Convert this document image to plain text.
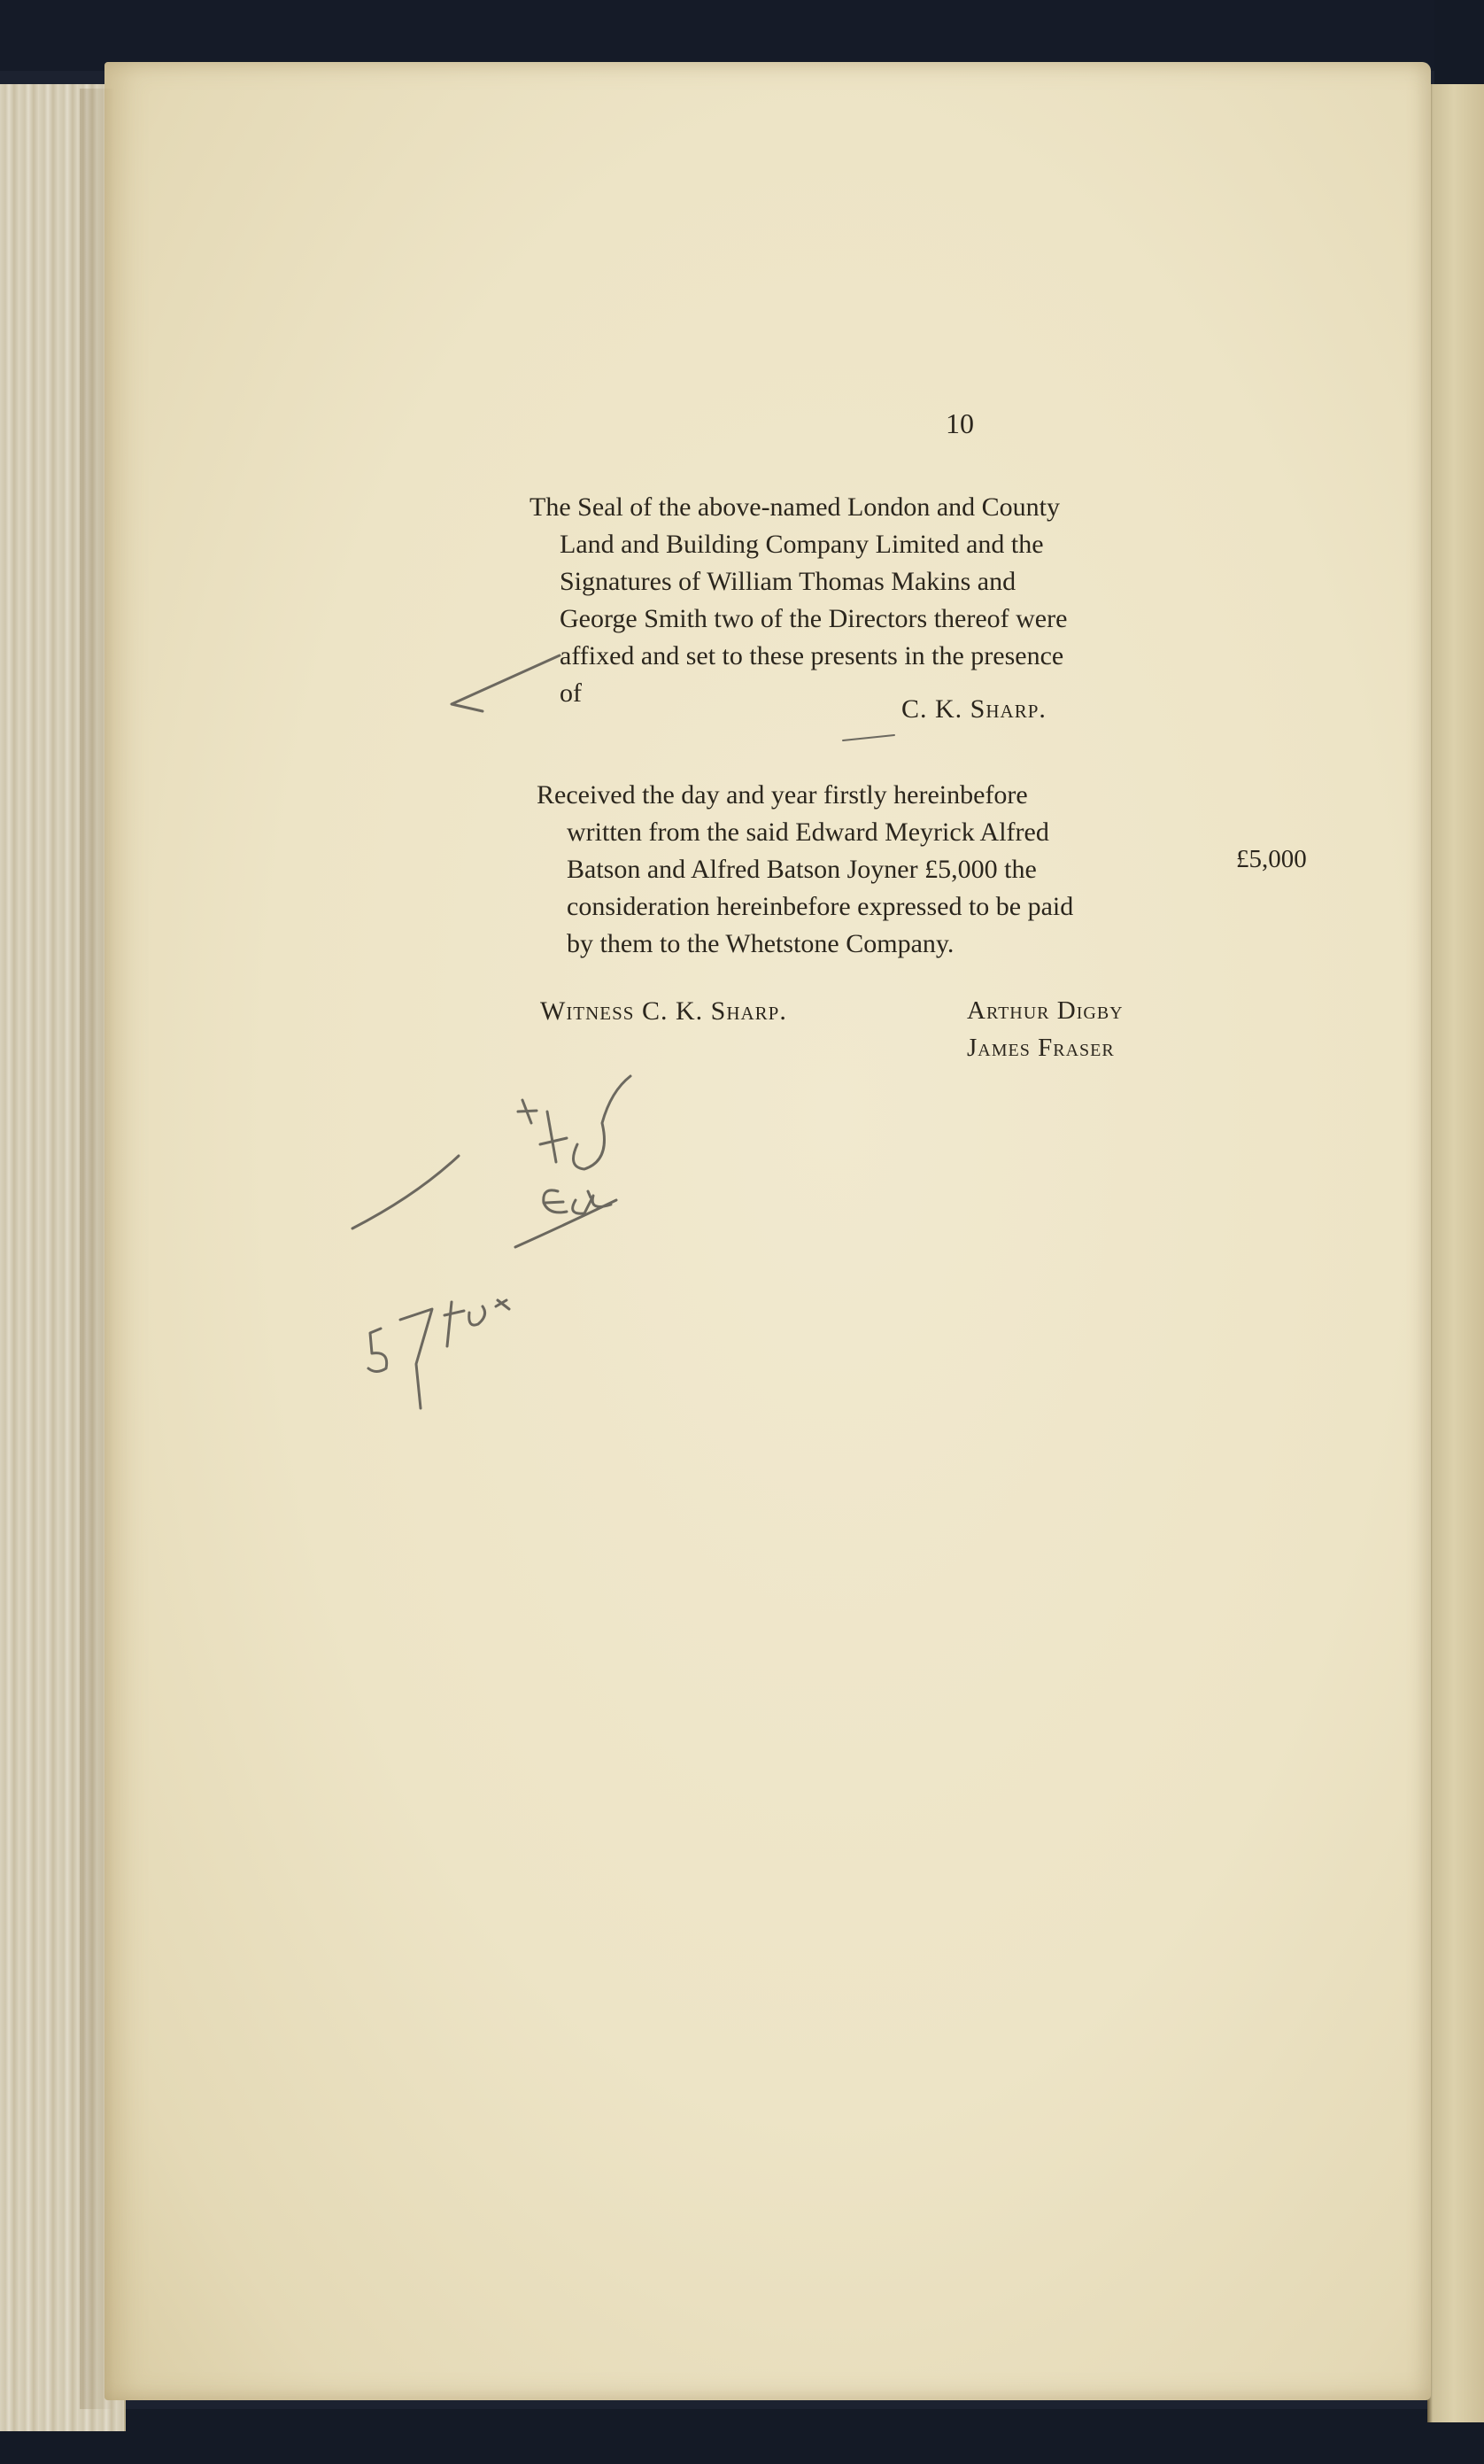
10
The Seal of the above-named London and County
Land and Building Company Limited and the
Signatures of William Thomas Makins and
George Smith two of the Directors thereof were
affixed and set to these presents in the presence
of
C. K. Sharp.
Received the day and year firstly hereinbefore
written from the said Edward Meyrick Alfred
Batson and Alfred Batson Joyner £5,000 the
consideration hereinbefore expressed to be paid
by them to the Whetstone Company.
£5,000
Witness C. K. Sharp.	Arthur Digby
James Fraser
